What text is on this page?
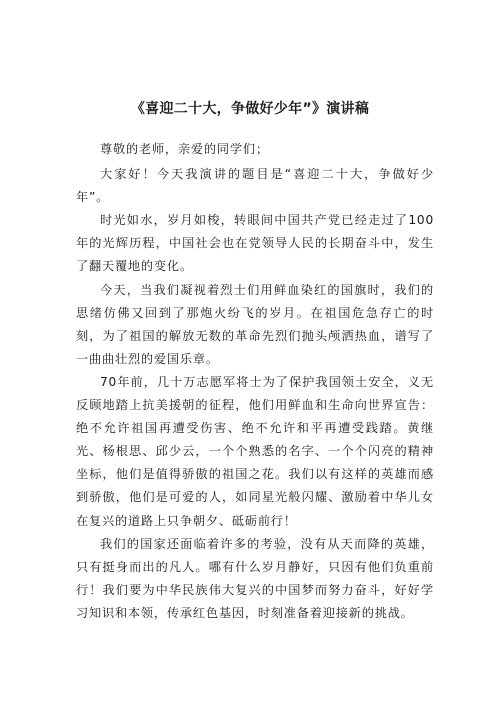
《喜迎二十大，争做好少年”》演讲稿

尊敬的老师，亲爱的同学们；

大家好！今天我演讲的题目是“喜迎二十大，争做好少年”。

时光如水，岁月如梭，转眼间中国共产党已经走过了100年的光辉历程，中国社会也在党领导人民的长期奋斗中，发生了翻天覆地的变化。

今天，当我们凝视着烈士们用鲜血染红的国旗时，我们的思绪仿佛又回到了那炮火纷飞的岁月。在祖国危急存亡的时刻，为了祖国的解放无数的革命先烈们抛头颅洒热血，谱写了一曲曲壮烈的爱国乐章。

70年前，几十万志愿军将士为了保护我国领土安全，义无反顾地踏上抗美援朝的征程，他们用鲜血和生命向世界宣告：绝不允许祖国再遭受伤害、绝不允许和平再遭受践踏。黄继光、杨根思、邱少云，一个个熟悉的名字、一个个闪亮的精神坐标，他们是值得骄傲的祖国之花。我们以有这样的英雄而感到骄傲，他们是可爱的人，如同星光般闪耀、激励着中华儿女在复兴的道路上只争朝夕、砥砺前行！

我们的国家还面临着许多的考验，没有从天而降的英雄，只有挺身而出的凡人。哪有什么岁月静好，只因有他们负重前行！我们要为中华民族伟大复兴的中国梦而努力奋斗，好好学习知识和本领，传承红色基因，时刻准备着迎接新的挑战。
